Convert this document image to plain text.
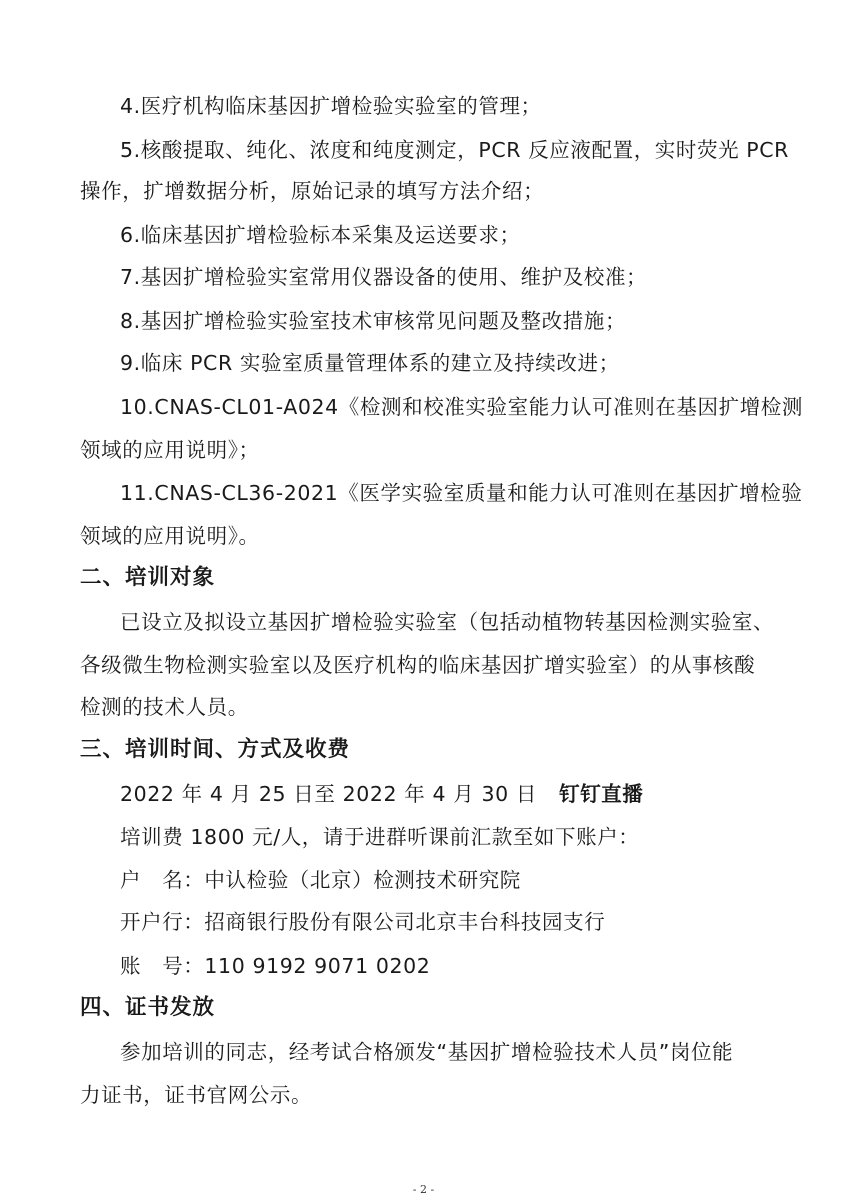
4.医疗机构临床基因扩增检验实验室的管理；
5.核酸提取、纯化、浓度和纯度测定，PCR 反应液配置，实时荧光 PCR
操作，扩增数据分析，原始记录的填写方法介绍；
6.临床基因扩增检验标本采集及运送要求；
7.基因扩增检验实室常用仪器设备的使用、维护及校准；
8.基因扩增检验实验室技术审核常见问题及整改措施；
9.临床 PCR 实验室质量管理体系的建立及持续改进；
10.CNAS-CL01-A024《检测和校准实验室能力认可准则在基因扩增检测
领域的应用说明》；
11.CNAS-CL36-2021《医学实验室质量和能力认可准则在基因扩增检验
领域的应用说明》。
二、培训对象
已设立及拟设立基因扩增检验实验室（包括动植物转基因检测实验室、
各级微生物检测实验室以及医疗机构的临床基因扩增实验室）的从事核酸
检测的技术人员。
三、培训时间、方式及收费
2022 年 4 月 25 日至 2022 年 4 月 30 日 钉钉直播
培训费 1800 元/人，请于进群听课前汇款至如下账户：
户　名：中认检验（北京）检测技术研究院
开户行：招商银行股份有限公司北京丰台科技园支行
账　号：110 9192 9071 0202
四、证书发放
参加培训的同志，经考试合格颁发“基因扩增检验技术人员”岗位能
力证书，证书官网公示。
- 2 -
